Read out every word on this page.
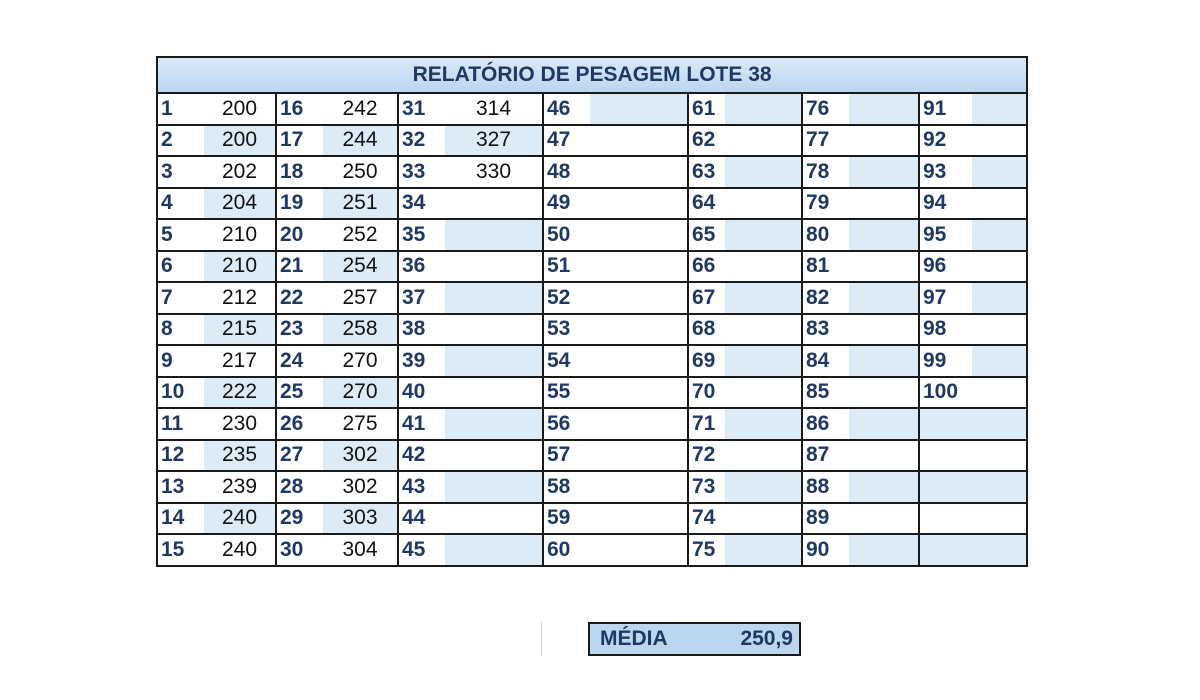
RELATÓRIO DE PESAGEM LOTE 38													
1	200	16	242	31	314	46		61		76		91	
2	200	17	244	32	327	47		62		77		92	
3	202	18	250	33	330	48		63		78		93	
4	204	19	251	34		49		64		79		94	
5	210	20	252	35		50		65		80		95	
6	210	21	254	36		51		66		81		96	
7	212	22	257	37		52		67		82		97	
8	215	23	258	38		53		68		83		98	
9	217	24	270	39		54		69		84		99	
10	222	25	270	40		55		70		85		100	
11	230	26	275	41		56		71		86			
12	235	27	302	42		57		72		87			
13	239	28	302	43		58		73		88			
14	240	29	303	44		59		74		89			
15	240	30	304	45		60		75		90			
MÉDIA	250,9
